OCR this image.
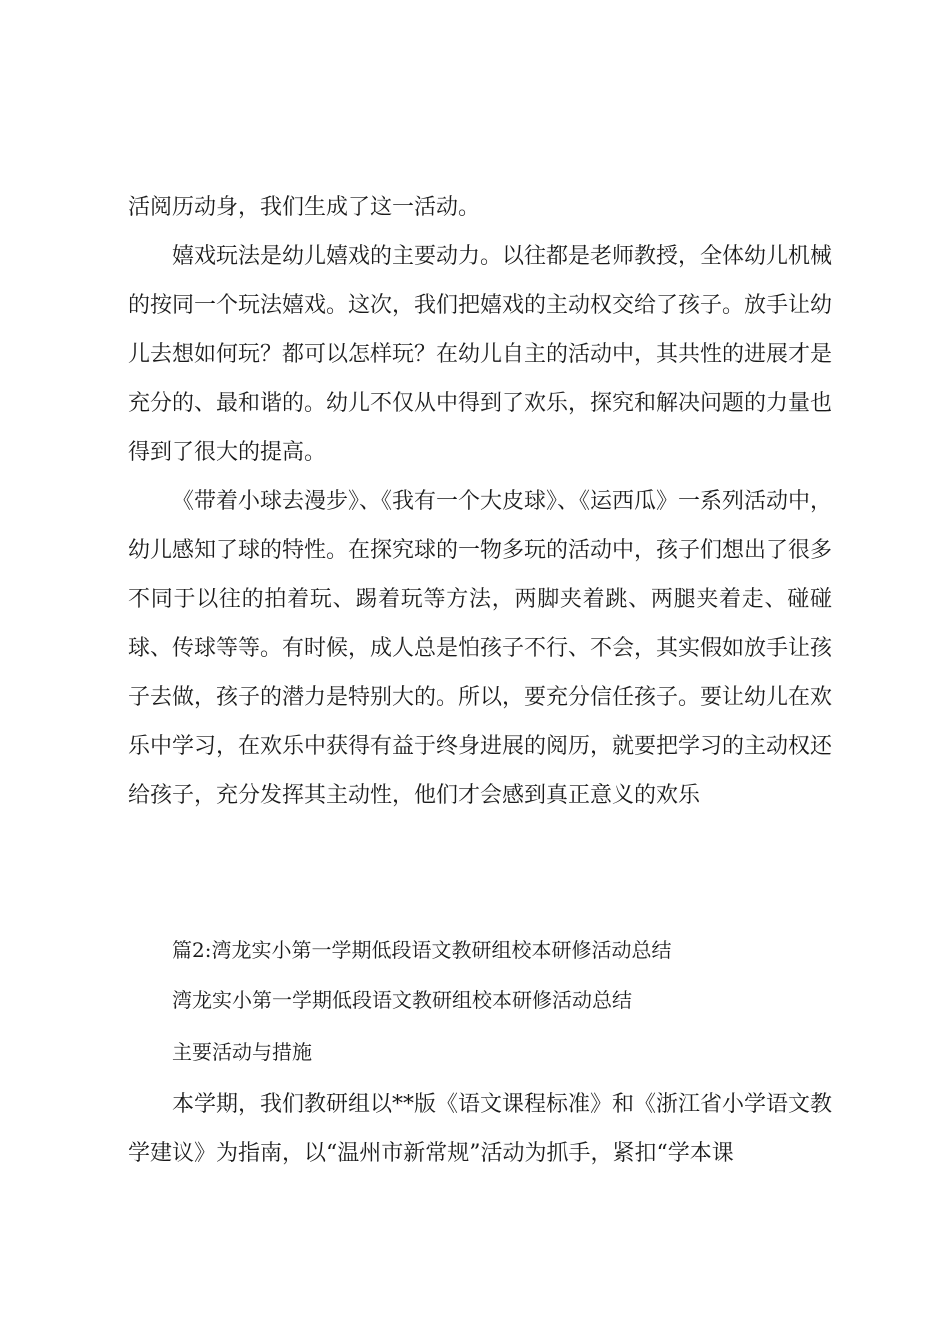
活阅历动身，我们生成了这一活动。

嬉戏玩法是幼儿嬉戏的主要动力。以往都是老师教授，全体幼儿机械的按同一个玩法嬉戏。这次，我们把嬉戏的主动权交给了孩子。放手让幼儿去想如何玩？都可以怎样玩？在幼儿自主的活动中，其共性的进展才是充分的、最和谐的。幼儿不仅从中得到了欢乐，探究和解决问题的力量也得到了很大的提高。

《带着小球去漫步》、《我有一个大皮球》、《运西瓜》一系列活动中，幼儿感知了球的特性。在探究球的一物多玩的活动中，孩子们想出了很多不同于以往的拍着玩、踢着玩等方法，两脚夹着跳、两腿夹着走、碰碰球、传球等等。有时候，成人总是怕孩子不行、不会，其实假如放手让孩子去做，孩子的潜力是特别大的。所以，要充分信任孩子。要让幼儿在欢乐中学习，在欢乐中获得有益于终身进展的阅历，就要把学习的主动权还给孩子，充分发挥其主动性，他们才会感到真正意义的欢乐

篇2:湾龙实小第一学期低段语文教研组校本研修活动总结

湾龙实小第一学期低段语文教研组校本研修活动总结

主要活动与措施

本学期，我们教研组以**版《语文课程标准》和《浙江省小学语文教学建议》为指南，以“温州市新常规”活动为抓手，紧扣“学本课
